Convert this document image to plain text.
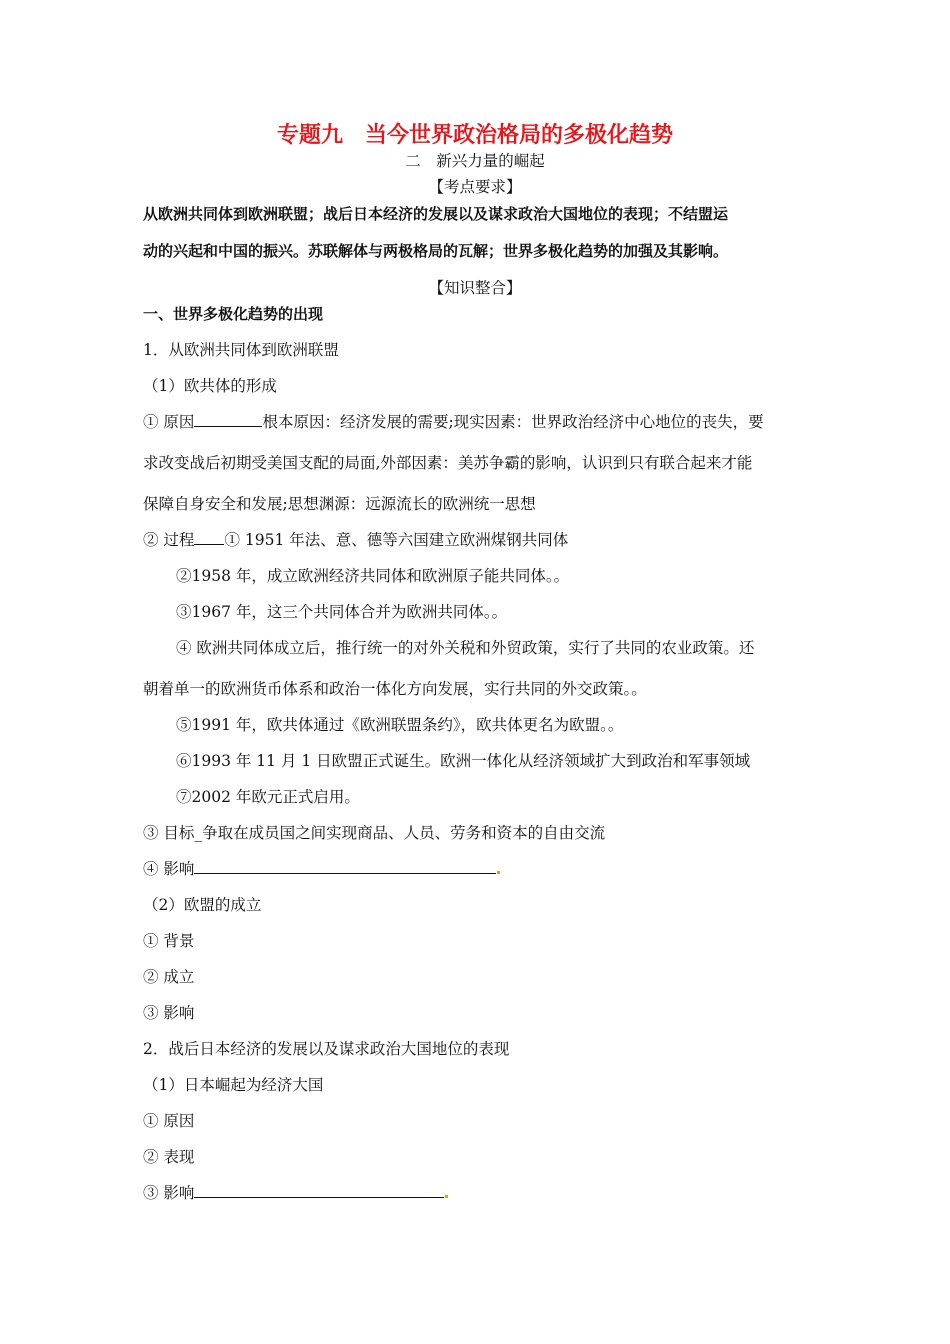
专题九　当今世界政治格局的多极化趋势
二　新兴力量的崛起
【考点要求】
从欧洲共同体到欧洲联盟；战后日本经济的发展以及谋求政治大国地位的表现；不结盟运
动的兴起和中国的振兴。苏联解体与两极格局的瓦解；世界多极化趋势的加强及其影响。
【知识整合】
一、世界多极化趋势的出现
1．从欧洲共同体到欧洲联盟
（1）欧共体的形成
① 原因	根本原因：经济发展的需要;现实因素：世界政治经济中心地位的丧失，要
求改变战后初期受美国支配的局面,外部因素：美苏争霸的影响，认识到只有联合起来才能
保障自身安全和发展;思想渊源：远源流长的欧洲统一思想
② 过程 ① 1951 年法、意、德等六国建立欧洲煤钢共同体
②1958 年，成立欧洲经济共同体和欧洲原子能共同体。。
③1967 年，这三个共同体合并为欧洲共同体。。
④ 欧洲共同体成立后，推行统一的对外关税和外贸政策，实行了共同的农业政策。还
朝着单一的欧洲货币体系和政治一体化方向发展，实行共同的外交政策。。
⑤1991 年，欧共体通过《欧洲联盟条约》，欧共体更名为欧盟。。
⑥1993 年 11 月 1 日欧盟正式诞生。欧洲一体化从经济领域扩大到政治和军事领域
⑦2002 年欧元正式启用。
③ 目标_争取在成员国之间实现商品、人员、劳务和资本的自由交流
④ 影响
（2）欧盟的成立
① 背景
② 成立
③ 影响
2．战后日本经济的发展以及谋求政治大国地位的表现
（1）日本崛起为经济大国
① 原因
② 表现
③ 影响
